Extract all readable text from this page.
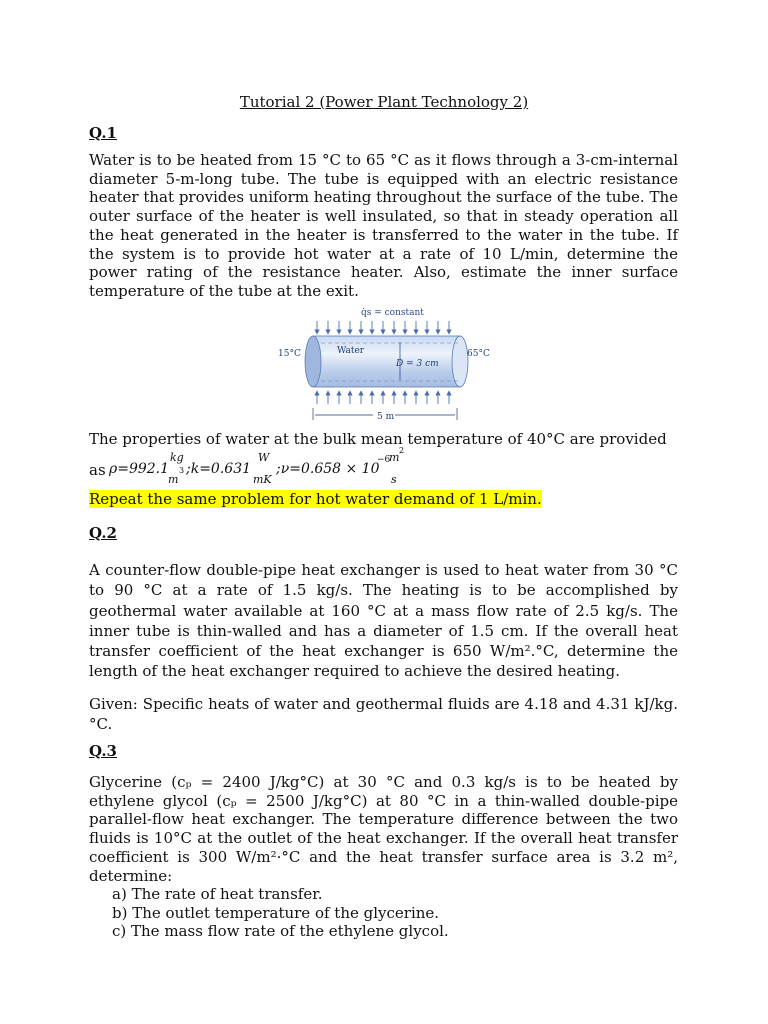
Tutorial 2 (Power Plant Technology 2)
Q.1

Water is to be heated from 15 °C to 65 °C as it flows through a 3-cm-internal diameter 5-m-long tube. The tube is equipped with an electric resistance heater that provides uniform heating throughout the surface of the tube. The outer surface of the heater is well insulated, so that in steady operation all the heat generated in the heater is transferred to the water in the tube. If the system is to provide hot water at a rate of 10 L/min, determine the power rating of the resistance heater. Also, estimate the inner surface temperature of the tube at the exit.

q̇s = constant
Water
D = 3 cm
15°C	65°C
5 m

The properties of water at the bulk mean temperature of 40°C are provided

as ρ=992.1
kg
m
3 ;k=0.631
W
mK
;ν=0.658 × 10
−6
m
2
s

Repeat the same problem for hot water demand of 1 L/min.

Q.2

A counter-flow double-pipe heat exchanger is used to heat water from 30 °C to 90 °C at a rate of 1.5 kg/s. The heating is to be accomplished by geothermal water available at 160 °C at a mass flow rate of 2.5 kg/s. The inner tube is thin-walled and has a diameter of 1.5 cm. If the overall heat transfer coefficient of the heat exchanger is 650 W/m².°C, determine the length of the heat exchanger required to achieve the desired heating.

Given: Specific heats of water and geothermal fluids are 4.18 and 4.31 kJ/kg.°C.

Q.3

Glycerine (cₚ = 2400 J/kg°C) at 30 °C and 0.3 kg/s is to be heated by ethylene glycol (cₚ = 2500 J/kg°C) at 80 °C in a thin-walled double-pipe parallel-flow heat exchanger. The temperature difference between the two fluids is 10°C at the outlet of the heat exchanger. If the overall heat transfer coefficient is 300 W/m²·°C and the heat transfer surface area is 3.2 m², determine:

a) The rate of heat transfer.
b) The outlet temperature of the glycerine.
c) The mass flow rate of the ethylene glycol.
